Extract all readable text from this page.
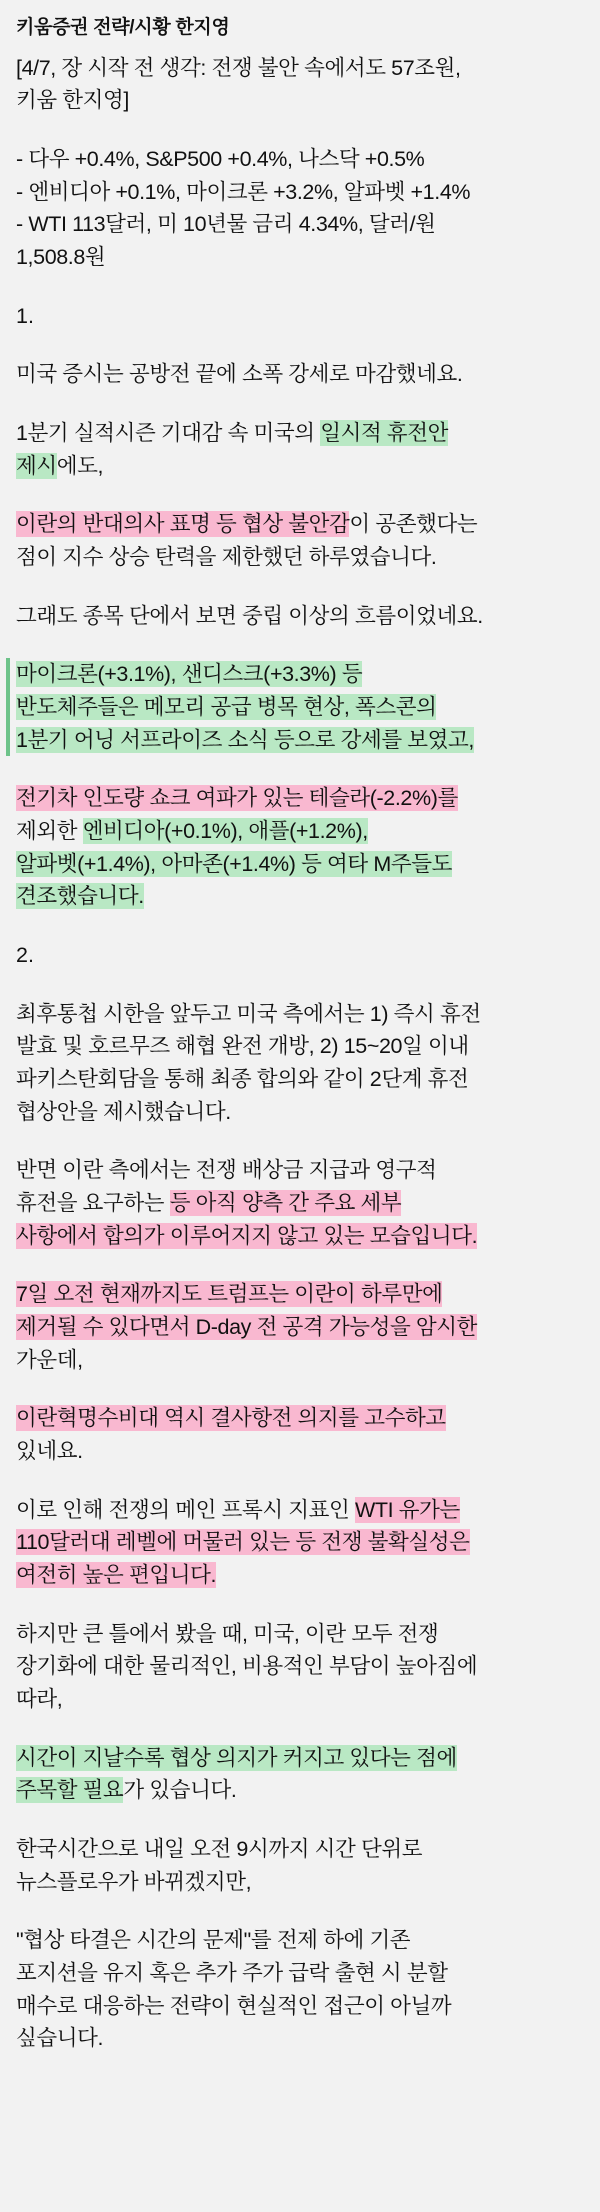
키움증권 전략/시황 한지영
[4/7, 장 시작 전 생각: 전쟁 불안 속에서도 57조원,
키움 한지영]
- 다우 +0.4%, S&P500 +0.4%, 나스닥 +0.5%
- 엔비디아 +0.1%, 마이크론 +3.2%, 알파벳 +1.4%
- WTI 113달러, 미 10년물 금리 4.34%, 달러/원
1,508.8원
1.
미국 증시는 공방전 끝에 소폭 강세로 마감했네요.
1분기 실적시즌 기대감 속 미국의 일시적 휴전안
제시에도,
이란의 반대의사 표명 등 협상 불안감이 공존했다는
점이 지수 상승 탄력을 제한했던 하루였습니다.
그래도 종목 단에서 보면 중립 이상의 흐름이었네요.
마이크론(+3.1%), 샌디스크(+3.3%) 등
반도체주들은 메모리 공급 병목 현상, 폭스콘의
1분기 어닝 서프라이즈 소식 등으로 강세를 보였고,
전기차 인도량 쇼크 여파가 있는 테슬라(-2.2%)를
제외한 엔비디아(+0.1%), 애플(+1.2%),
알파벳(+1.4%), 아마존(+1.4%) 등 여타 M주들도
견조했습니다.
2.
최후통첩 시한을 앞두고 미국 측에서는 1) 즉시 휴전
발효 및 호르무즈 해협 완전 개방, 2) 15~20일 이내
파키스탄회담을 통해 최종 합의와 같이 2단계 휴전
협상안을 제시했습니다.
반면 이란 측에서는 전쟁 배상금 지급과 영구적
휴전을 요구하는 등 아직 양측 간 주요 세부
사항에서 합의가 이루어지지 않고 있는 모습입니다.
7일 오전 현재까지도 트럼프는 이란이 하루만에
제거될 수 있다면서 D-day 전 공격 가능성을 암시한
가운데,
이란혁명수비대 역시 결사항전 의지를 고수하고
있네요.
이로 인해 전쟁의 메인 프록시 지표인 WTI 유가는
110달러대 레벨에 머물러 있는 등 전쟁 불확실성은
여전히 높은 편입니다.
하지만 큰 틀에서 봤을 때, 미국, 이란 모두 전쟁
장기화에 대한 물리적인, 비용적인 부담이 높아짐에
따라,
시간이 지날수록 협상 의지가 커지고 있다는 점에
주목할 필요가 있습니다.
한국시간으로 내일 오전 9시까지 시간 단위로
뉴스플로우가 바뀌겠지만,
"협상 타결은 시간의 문제"를 전제 하에 기존
포지션을 유지 혹은 추가 주가 급락 출현 시 분할
매수로 대응하는 전략이 현실적인 접근이 아닐까
싶습니다.
